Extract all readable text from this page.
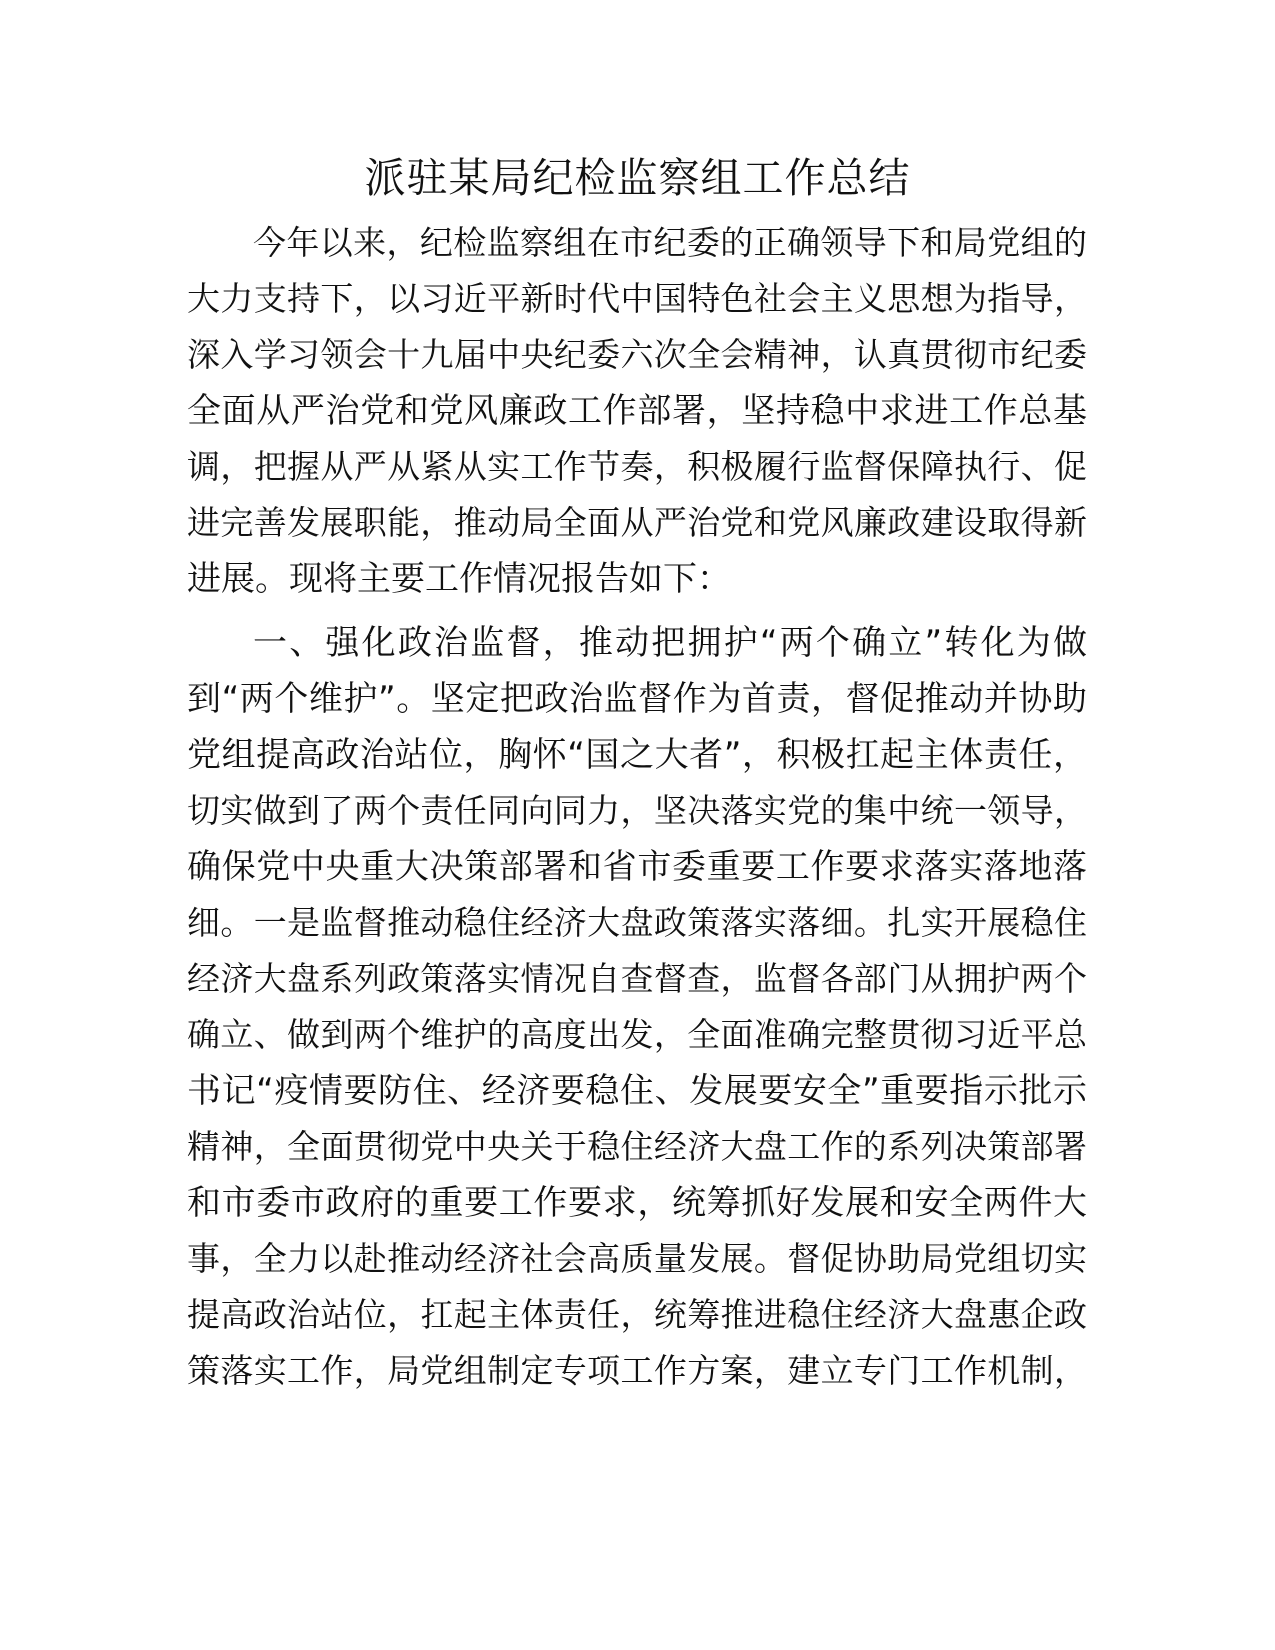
派驻某局纪检监察组工作总结
今年以来，纪检监察组在市纪委的正确领导下和局党组的
大力支持下，以习近平新时代中国特色社会主义思想为指导，
深入学习领会十九届中央纪委六次全会精神，认真贯彻市纪委
全面从严治党和党风廉政工作部署，坚持稳中求进工作总基
调，把握从严从紧从实工作节奏，积极履行监督保障执行、促
进完善发展职能，推动局全面从严治党和党风廉政建设取得新
进展。现将主要工作情况报告如下：
一、强化政治监督，推动把拥护“两个确立”转化为做
到“两个维护”。坚定把政治监督作为首责，督促推动并协助
党组提高政治站位，胸怀“国之大者”，积极扛起主体责任，
切实做到了两个责任同向同力，坚决落实党的集中统一领导，
确保党中央重大决策部署和省市委重要工作要求落实落地落
细。一是监督推动稳住经济大盘政策落实落细。扎实开展稳住
经济大盘系列政策落实情况自查督查，监督各部门从拥护两个
确立、做到两个维护的高度出发，全面准确完整贯彻习近平总
书记“疫情要防住、经济要稳住、发展要安全”重要指示批示
精神，全面贯彻党中央关于稳住经济大盘工作的系列决策部署
和市委市政府的重要工作要求，统筹抓好发展和安全两件大
事，全力以赴推动经济社会高质量发展。督促协助局党组切实
提高政治站位，扛起主体责任，统筹推进稳住经济大盘惠企政
策落实工作，局党组制定专项工作方案，建立专门工作机制，
